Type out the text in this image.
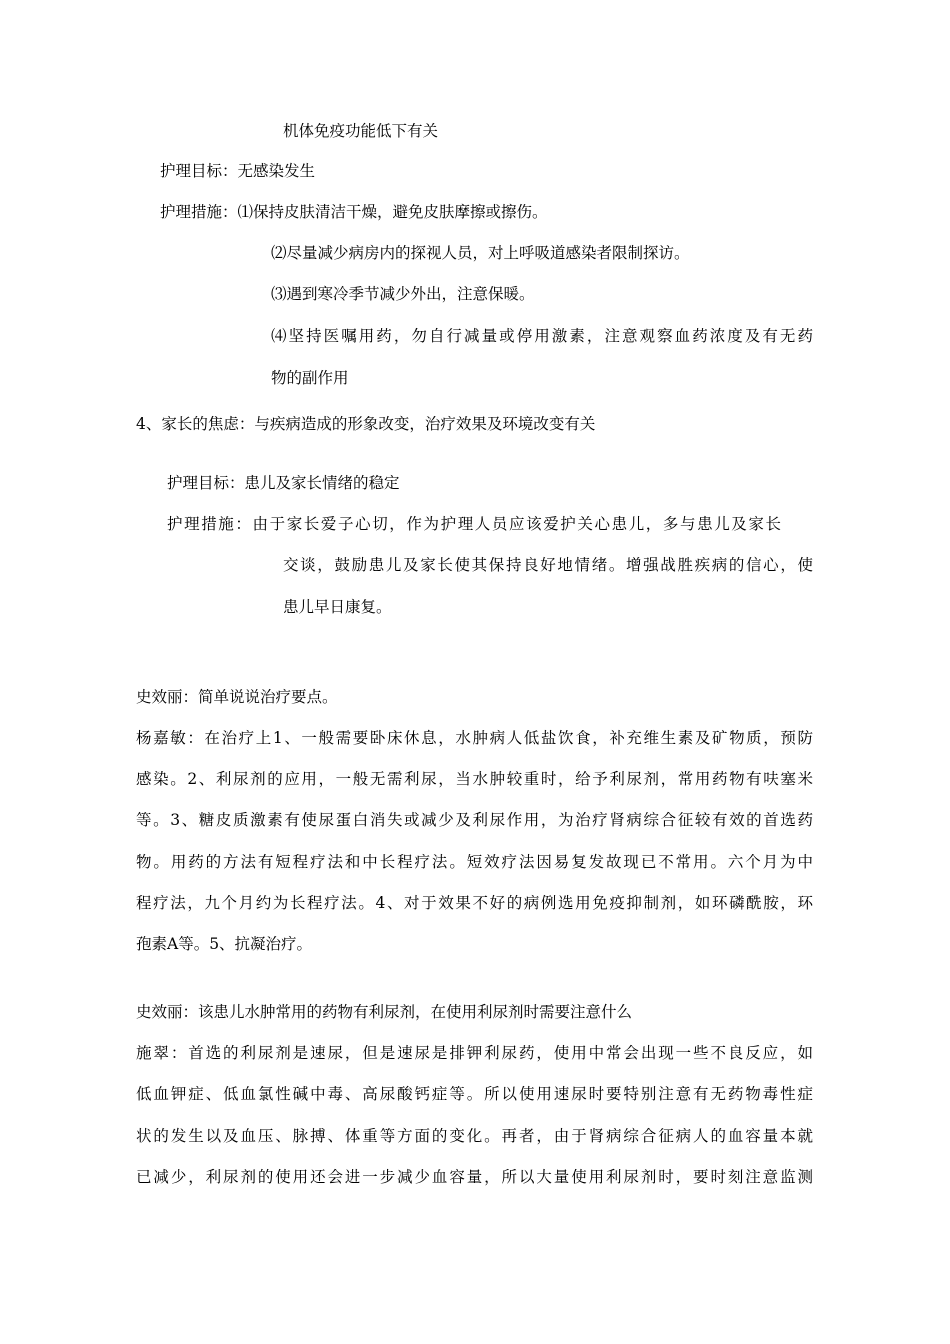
机体免疫功能低下有关
护理目标：无感染发生
护理措施：⑴保持皮肤清洁干燥，避免皮肤摩擦或擦伤。
⑵尽量减少病房内的探视人员，对上呼吸道感染者限制探访。
⑶遇到寒冷季节减少外出，注意保暖。
⑷坚持医嘱用药，勿自行减量或停用激素，注意观察血药浓度及有无药
物的副作用
4、家长的焦虑：与疾病造成的形象改变，治疗效果及环境改变有关
护理目标：患儿及家长情绪的稳定
护理措施：由于家长爱子心切，作为护理人员应该爱护关心患儿，多与患儿及家长
交谈，鼓励患儿及家长使其保持良好地情绪。增强战胜疾病的信心，使
患儿早日康复。
史效丽：简单说说治疗要点。
杨嘉敏：在治疗上1、一般需要卧床休息，水肿病人低盐饮食，补充维生素及矿物质，预防
感染。2、利尿剂的应用，一般无需利尿，当水肿较重时，给予利尿剂，常用药物有呋塞米
等。3、糖皮质激素有使尿蛋白消失或减少及利尿作用，为治疗肾病综合征较有效的首选药
物。用药的方法有短程疗法和中长程疗法。短效疗法因易复发故现已不常用。六个月为中
程疗法，九个月约为长程疗法。4、对于效果不好的病例选用免疫抑制剂，如环磷酰胺，环
孢素A等。5、抗凝治疗。
史效丽：该患儿水肿常用的药物有利尿剂，在使用利尿剂时需要注意什么
施翠：首选的利尿剂是速尿，但是速尿是排钾利尿药，使用中常会出现一些不良反应，如
低血钾症、低血氯性碱中毒、高尿酸钙症等。所以使用速尿时要特别注意有无药物毒性症
状的发生以及血压、脉搏、体重等方面的变化。再者，由于肾病综合征病人的血容量本就
已减少，利尿剂的使用还会进一步减少血容量，所以大量使用利尿剂时，要时刻注意监测
